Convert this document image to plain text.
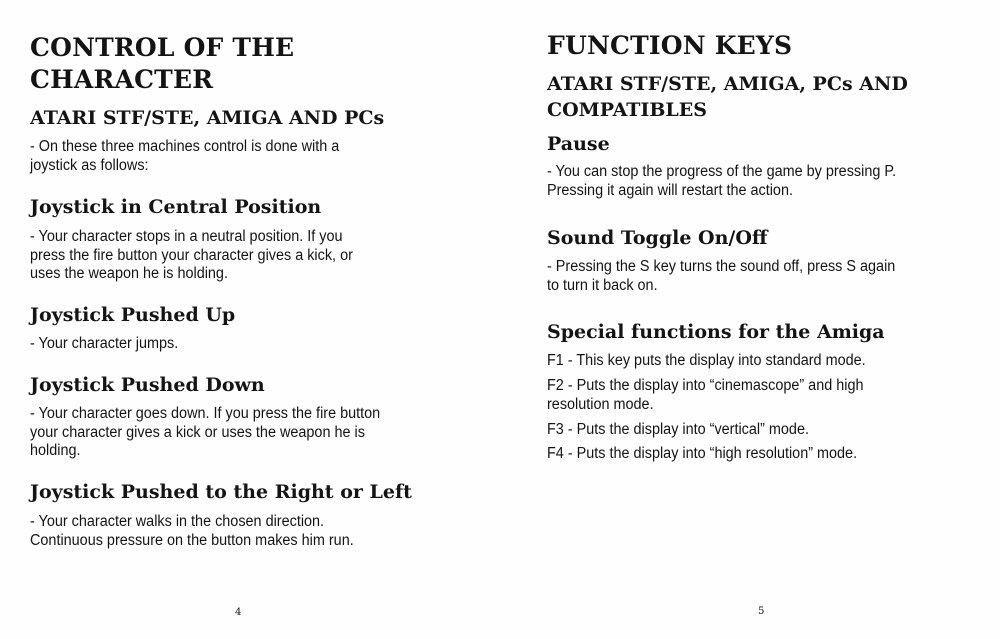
CONTROL OF THE
CHARACTER
ATARI STF/STE, AMIGA AND PCs

- On these three machines control is done with a
joystick as follows:

Joystick in Central Position

- Your character stops in a neutral position. If you
press the fire button your character gives a kick, or
uses the weapon he is holding.

Joystick Pushed Up

- Your character jumps.

Joystick Pushed Down

- Your character goes down. If you press the fire button
your character gives a kick or uses the weapon he is
holding.

Joystick Pushed to the Right or Left

- Your character walks in the chosen direction.
Continuous pressure on the button makes him run.

4
FUNCTION KEYS
ATARI STF/STE, AMIGA, PCs AND
COMPATIBLES
Pause

- You can stop the progress of the game by pressing P.
Pressing it again will restart the action.

Sound Toggle On/Off

- Pressing the S key turns the sound off, press S again
to turn it back on.

Special functions for the Amiga

F1 - This key puts the display into standard mode.

F2 - Puts the display into “cinemascope” and high
resolution mode.

F3 - Puts the display into “vertical” mode.

F4 - Puts the display into “high resolution” mode.

5
